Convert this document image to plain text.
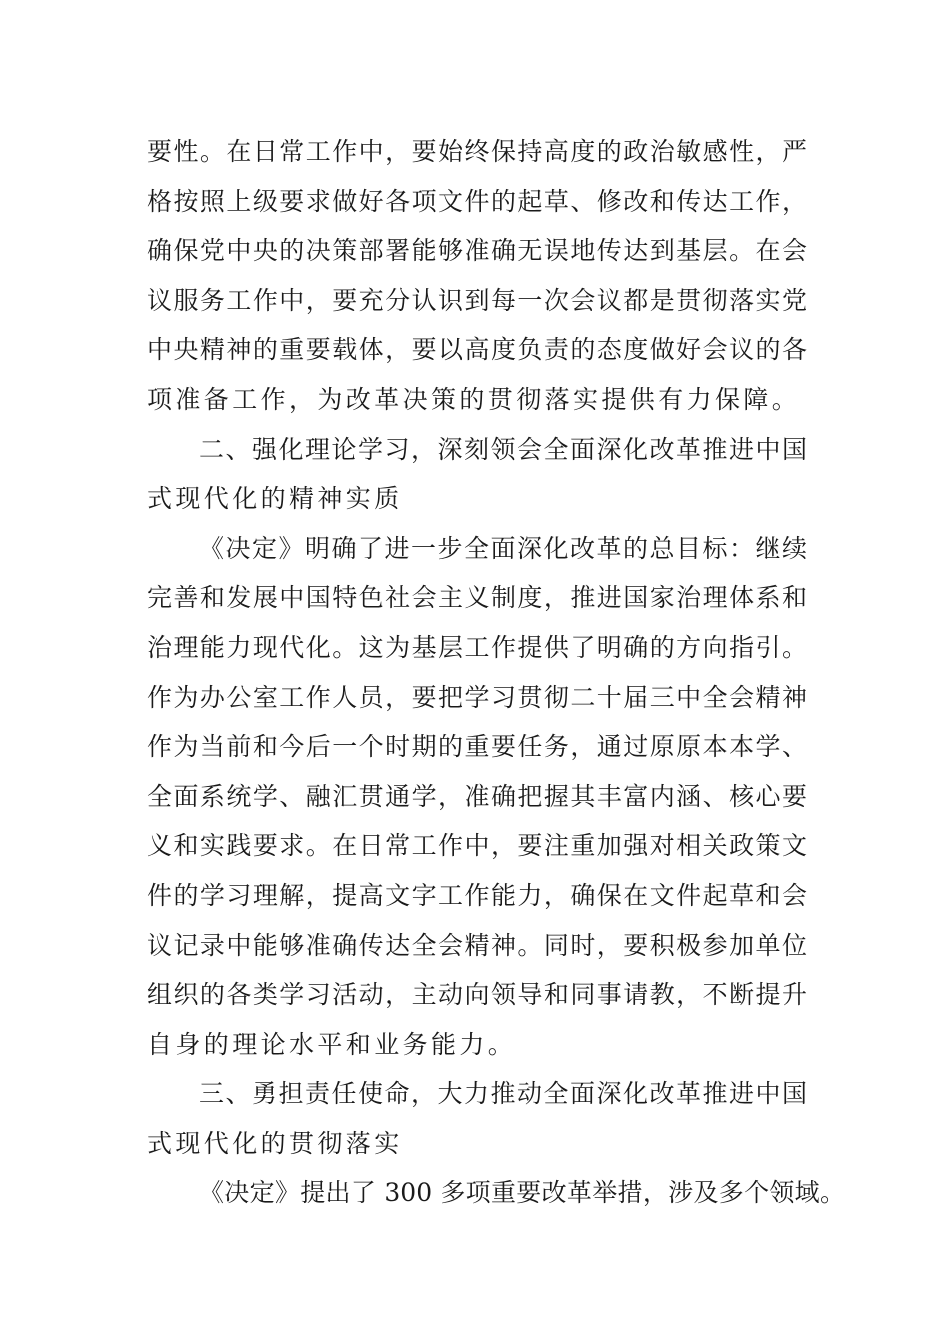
要性。在日常工作中，要始终保持高度的政治敏感性，严
格按照上级要求做好各项文件的起草、修改和传达工作，
确保党中央的决策部署能够准确无误地传达到基层。在会
议服务工作中，要充分认识到每一次会议都是贯彻落实党
中央精神的重要载体，要以高度负责的态度做好会议的各
项准备工作，为改革决策的贯彻落实提供有力保障。
二、强化理论学习，深刻领会全面深化改革推进中国
式现代化的精神实质
《决定》明确了进一步全面深化改革的总目标：继续
完善和发展中国特色社会主义制度，推进国家治理体系和
治理能力现代化。这为基层工作提供了明确的方向指引。
作为办公室工作人员，要把学习贯彻二十届三中全会精神
作为当前和今后一个时期的重要任务，通过原原本本学、
全面系统学、融汇贯通学，准确把握其丰富内涵、核心要
义和实践要求。在日常工作中，要注重加强对相关政策文
件的学习理解，提高文字工作能力，确保在文件起草和会
议记录中能够准确传达全会精神。同时，要积极参加单位
组织的各类学习活动，主动向领导和同事请教，不断提升
自身的理论水平和业务能力。
三、勇担责任使命，大力推动全面深化改革推进中国
式现代化的贯彻落实
《决定》提出了 300 多项重要改革举措，涉及多个领域。
